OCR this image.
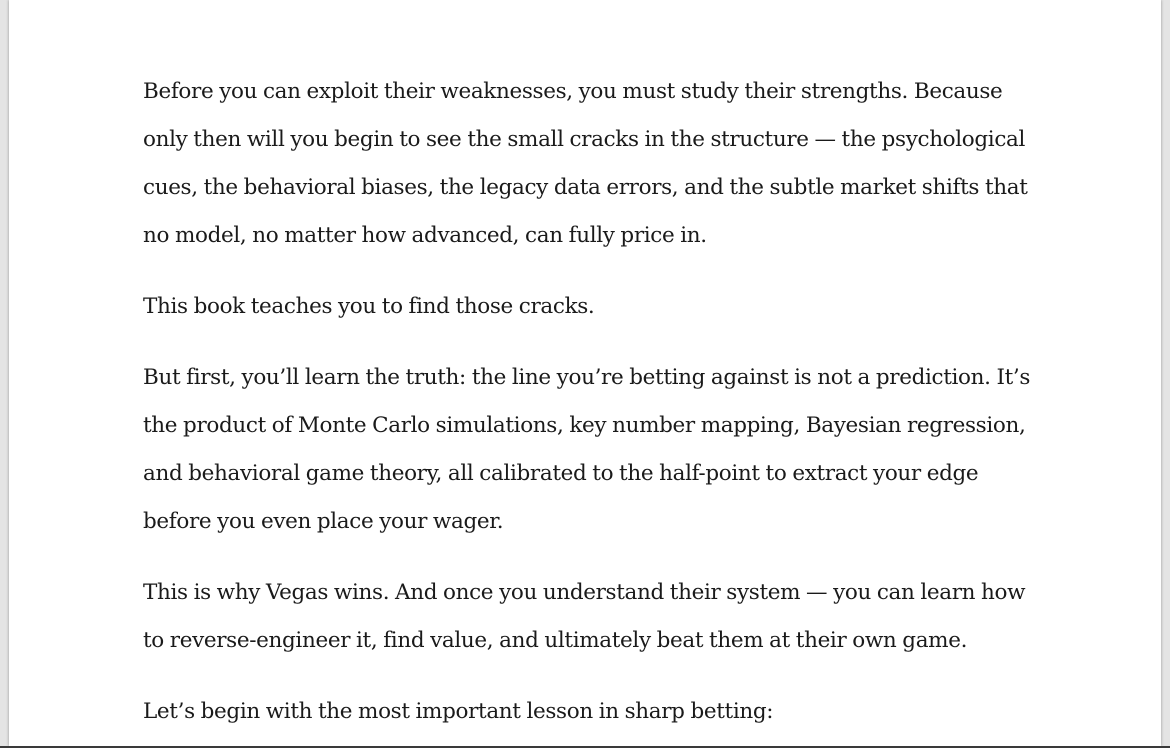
Before you can exploit their weaknesses, you must study their strengths. Because
only then will you begin to see the small cracks in the structure — the psychological
cues, the behavioral biases, the legacy data errors, and the subtle market shifts that
no model, no matter how advanced, can fully price in.

This book teaches you to find those cracks.

But first, you’ll learn the truth: the line you’re betting against is not a prediction. It’s
the product of Monte Carlo simulations, key number mapping, Bayesian regression,
and behavioral game theory, all calibrated to the half-point to extract your edge
before you even place your wager.

This is why Vegas wins. And once you understand their system — you can learn how
to reverse-engineer it, find value, and ultimately beat them at their own game.

Let’s begin with the most important lesson in sharp betting:
